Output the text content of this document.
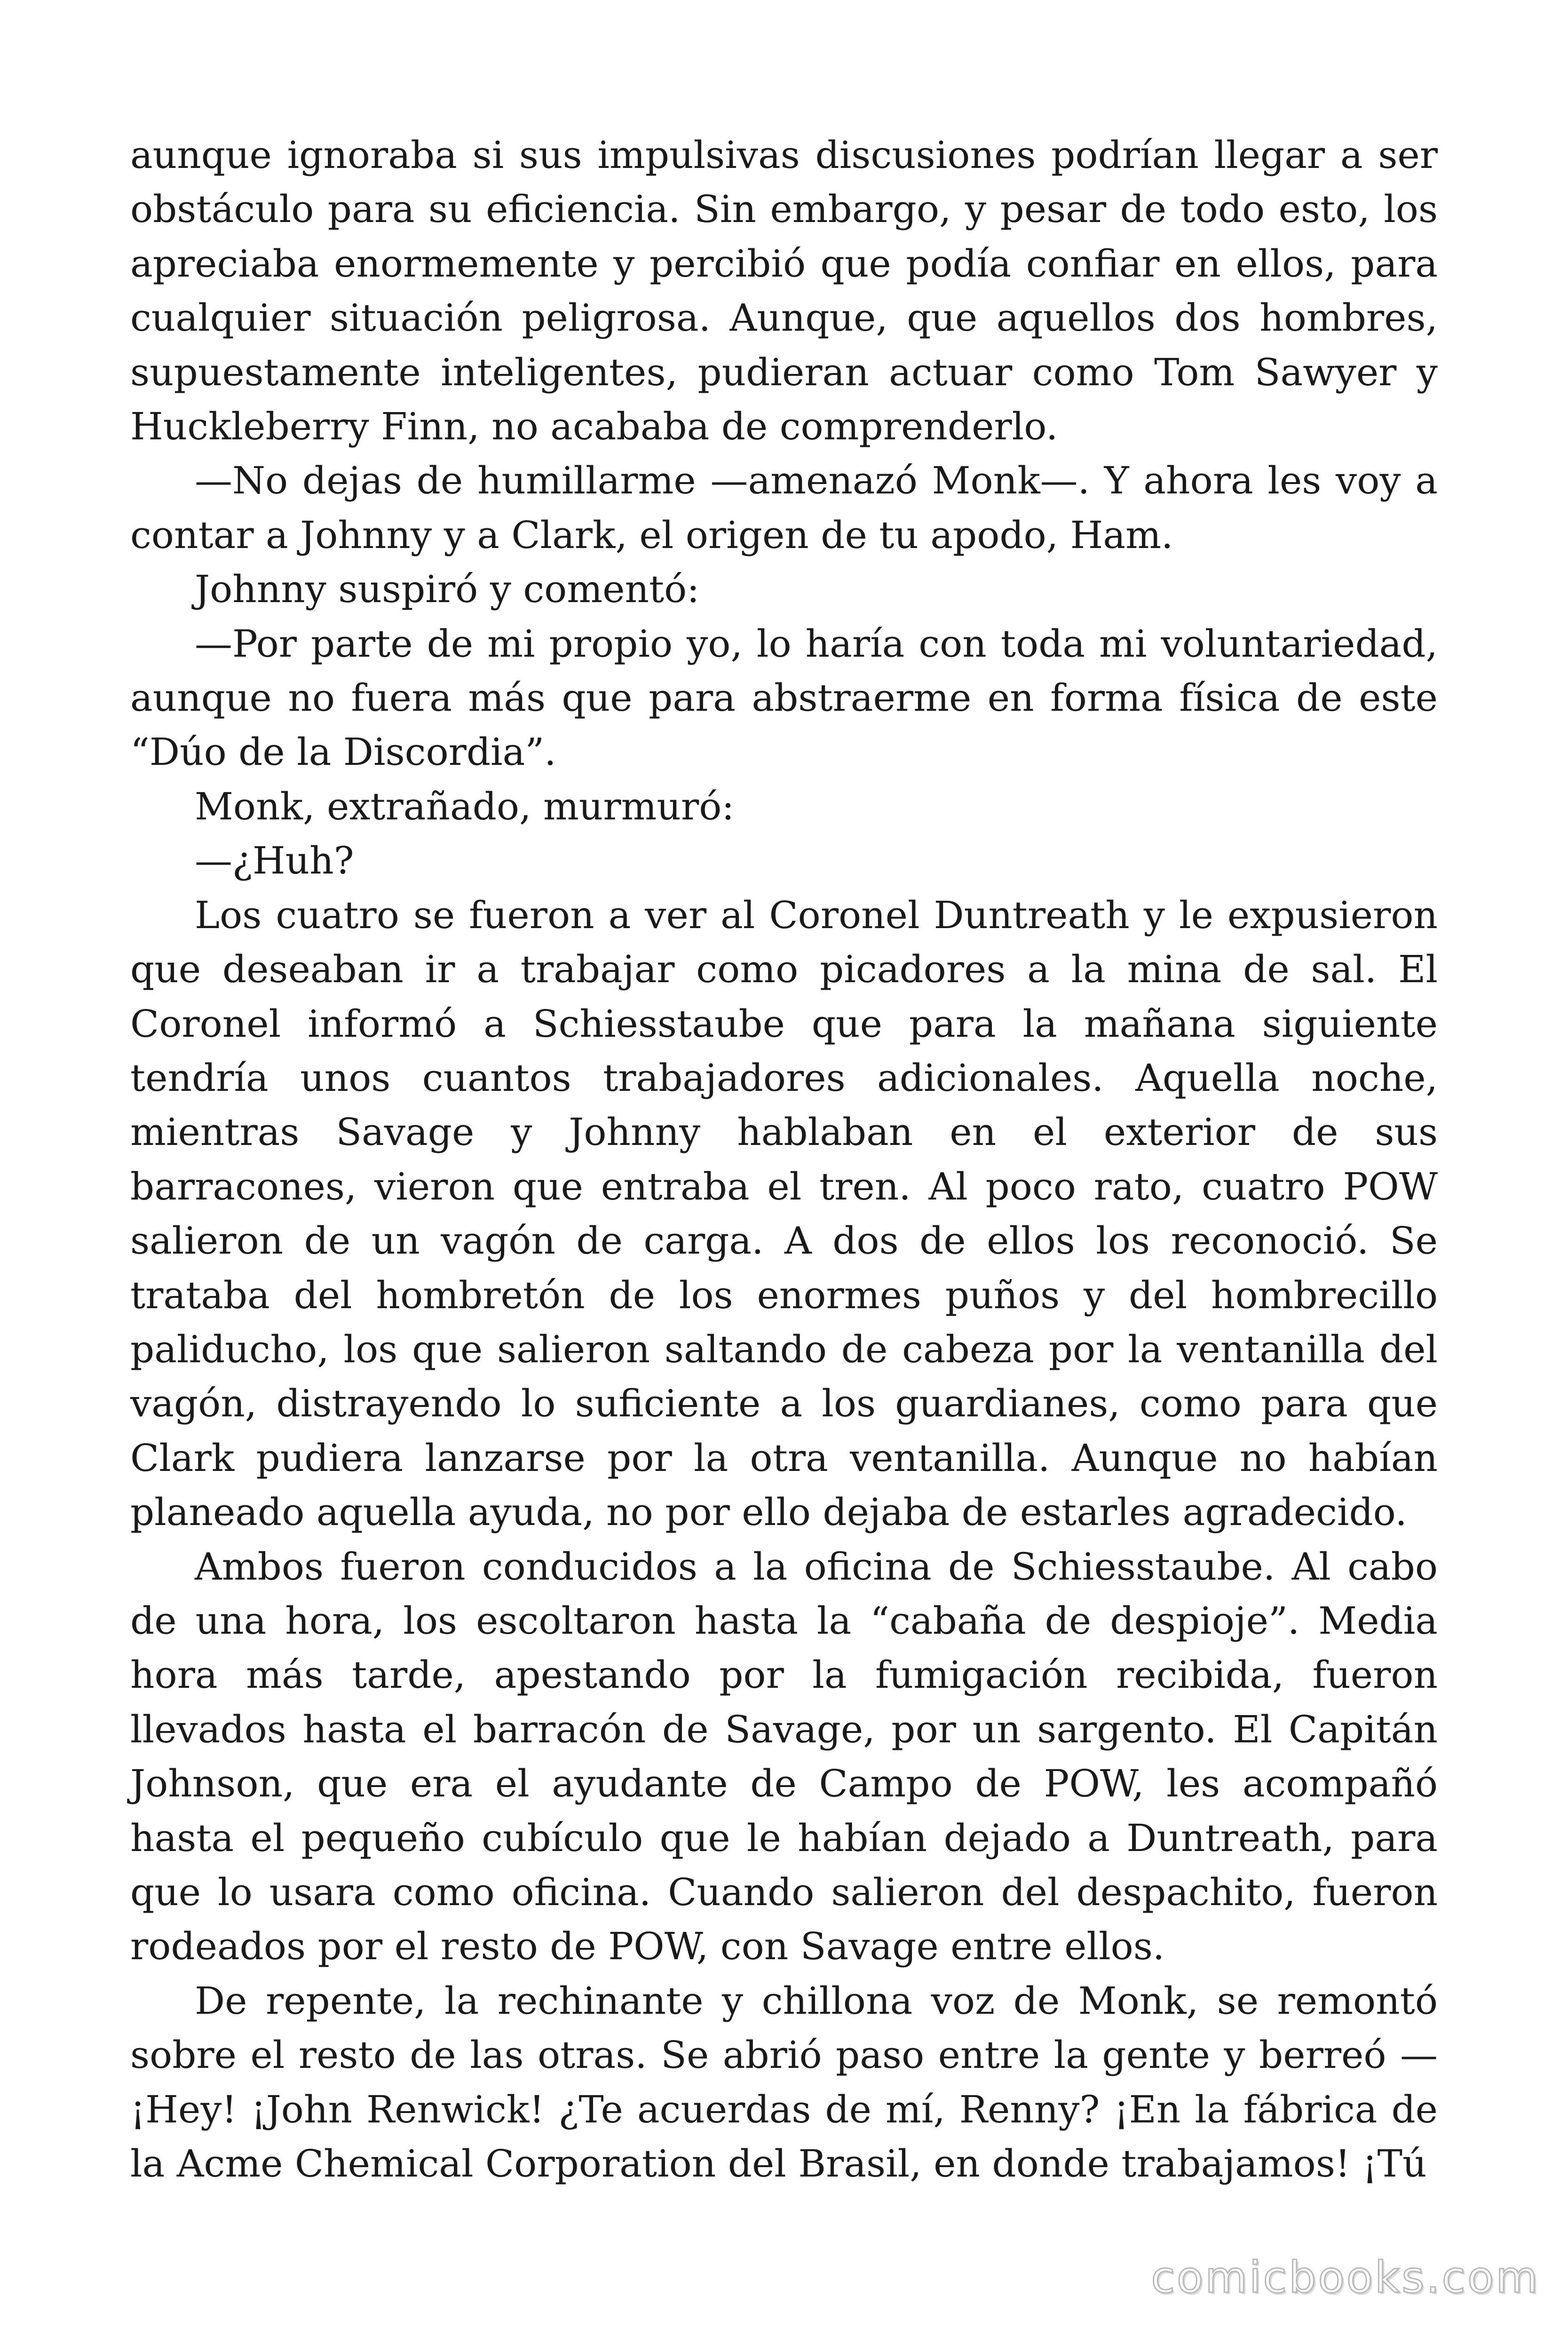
aunque ignoraba si sus impulsivas discusiones podrían llegar a ser obstáculo para su eficiencia. Sin embargo, y pesar de todo esto, los apreciaba enormemente y percibió que podía confiar en ellos, para cualquier situación peligrosa. Aunque, que aquellos dos hombres, supuestamente inteligentes, pudieran actuar como Tom Sawyer y Huckleberry Finn, no acababa de comprenderlo.

—No dejas de humillarme —amenazó Monk—. Y ahora les voy a contar a Johnny y a Clark, el origen de tu apodo, Ham.

Johnny suspiró y comentó:

—Por parte de mi propio yo, lo haría con toda mi voluntariedad, aunque no fuera más que para abstraerme en forma física de este “Dúo de la Discordia”.

Monk, extrañado, murmuró:

—¿Huh?

Los cuatro se fueron a ver al Coronel Duntreath y le expusieron que deseaban ir a trabajar como picadores a la mina de sal. El Coronel informó a Schiesstaube que para la mañana siguiente tendría unos cuantos trabajadores adicionales. Aquella noche, mientras Savage y Johnny hablaban en el exterior de sus barracones, vieron que entraba el tren. Al poco rato, cuatro POW salieron de un vagón de carga. A dos de ellos los reconoció. Se trataba del hombretón de los enormes puños y del hombrecillo paliducho, los que salieron saltando de cabeza por la ventanilla del vagón, distrayendo lo suficiente a los guardianes, como para que Clark pudiera lanzarse por la otra ventanilla. Aunque no habían planeado aquella ayuda, no por ello dejaba de estarles agradecido.

Ambos fueron conducidos a la oficina de Schiesstaube. Al cabo de una hora, los escoltaron hasta la “cabaña de despioje”. Media hora más tarde, apestando por la fumigación recibida, fueron llevados hasta el barracón de Savage, por un sargento. El Capitán Johnson, que era el ayudante de Campo de POW, les acompañó hasta el pequeño cubículo que le habían dejado a Duntreath, para que lo usara como oficina. Cuando salieron del despachito, fueron rodeados por el resto de POW, con Savage entre ellos.

De repente, la rechinante y chillona voz de Monk, se remontó sobre el resto de las otras. Se abrió paso entre la gente y berreó —¡Hey! ¡John Renwick! ¿Te acuerdas de mí, Renny? ¡En la fábrica de la Acme Chemical Corporation del Brasil, en donde trabajamos! ¡Tú

comicbooks.com
